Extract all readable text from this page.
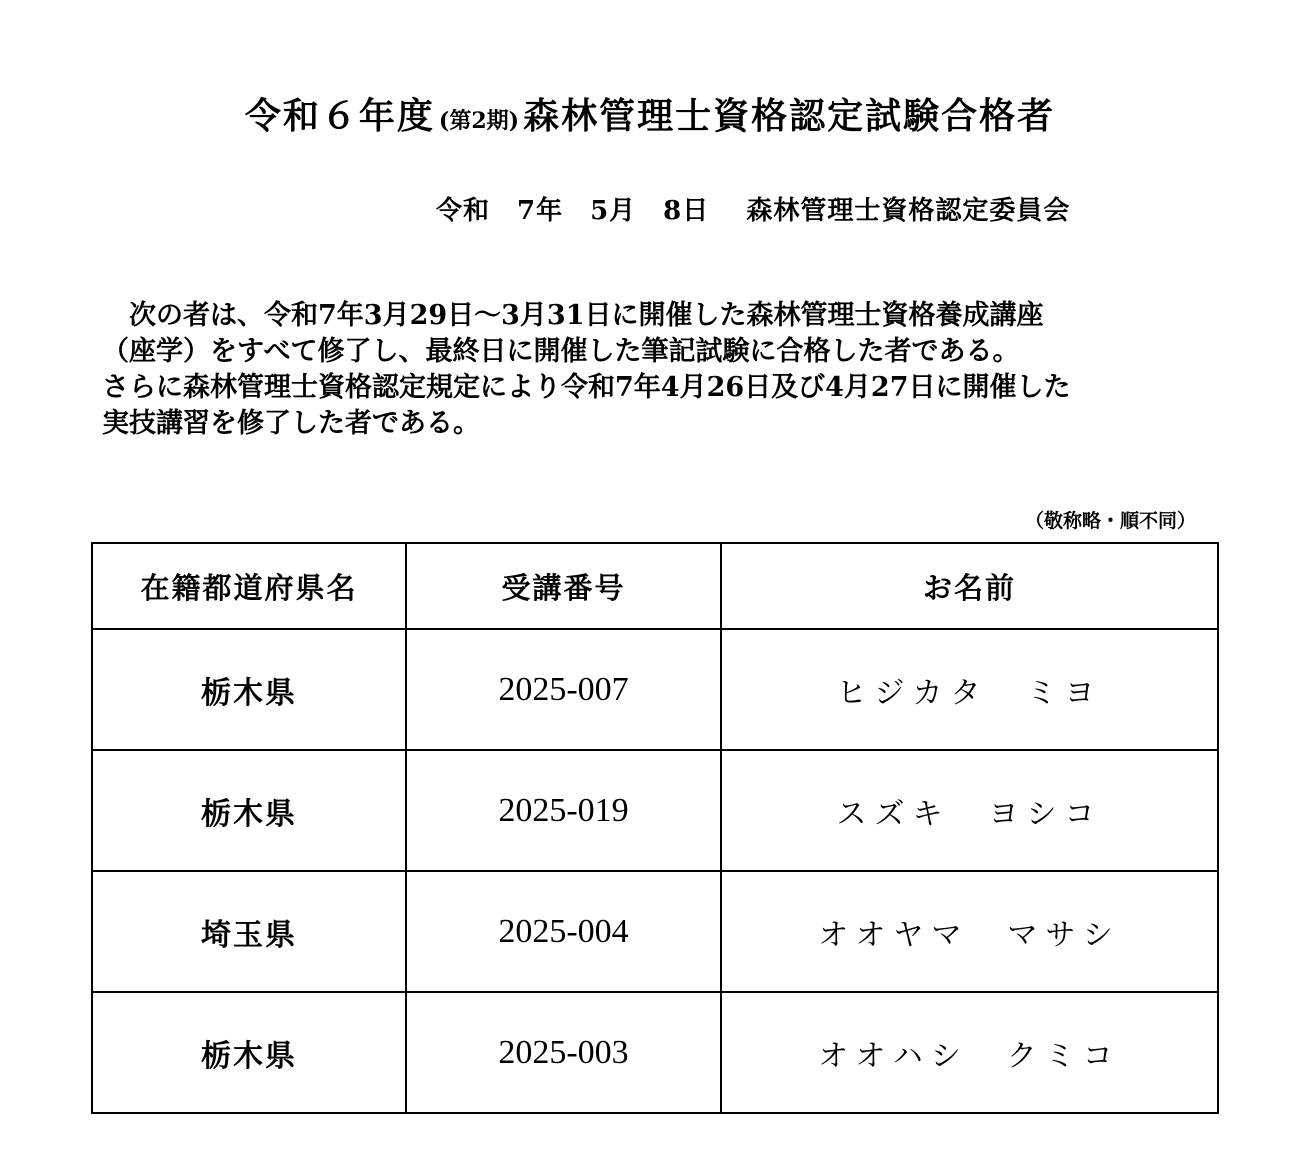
令和６年度 (第2期) 森林管理士資格認定試験合格者
令和　7年　5月　8日　 森林管理士資格認定委員会
　次の者は、令和7年3月29日～3月31日に開催した森林管理士資格養成講座
（座学）をすべて修了し、最終日に開催した筆記試験に合格した者である。
さらに森林管理士資格認定規定により令和7年4月26日及び4月27日に開催した
実技講習を修了した者である。
（敬称略・順不同）
在籍都道府県名	受講番号	お名前
栃木県	2025-007	ヒジカタ　ミヨ
栃木県	2025-019	スズキ　ヨシコ
埼玉県	2025-004	オオヤマ　マサシ
栃木県	2025-003	オオハシ　クミコ
